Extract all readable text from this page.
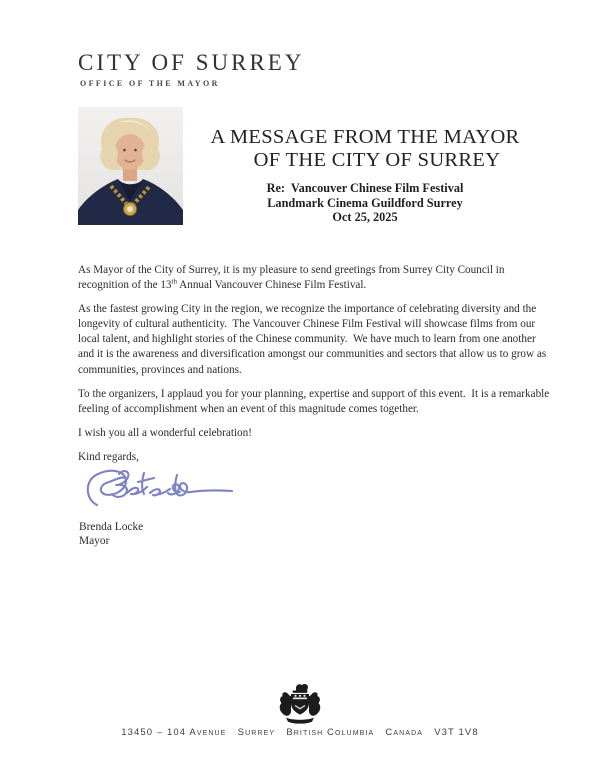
CITY OF SURREY
OFFICE OF THE MAYOR
A MESSAGE FROM THE MAYOR
OF THE CITY OF SURREY
Re:  Vancouver Chinese Film Festival
Landmark Cinema Guildford Surrey
Oct 25, 2025

As Mayor of the City of Surrey, it is my pleasure to send greetings from Surrey City Council in recognition of the 13th Annual Vancouver Chinese Film Festival.

As the fastest growing City in the region, we recognize the importance of celebrating diversity and the longevity of cultural authenticity.  The Vancouver Chinese Film Festival will showcase films from our local talent, and highlight stories of the Chinese community.  We have much to learn from one another and it is the awareness and diversification amongst our communities and sectors that allow us to grow as communities, provinces and nations.

To the organizers, I applaud you for your planning, expertise and support of this event.  It is a remarkable feeling of accomplishment when an event of this magnitude comes together.

I wish you all a wonderful celebration!

Kind regards,

Brenda Locke
Mayor
13450 – 104 Avenue   Surrey   British Columbia   Canada   V3T 1V8
